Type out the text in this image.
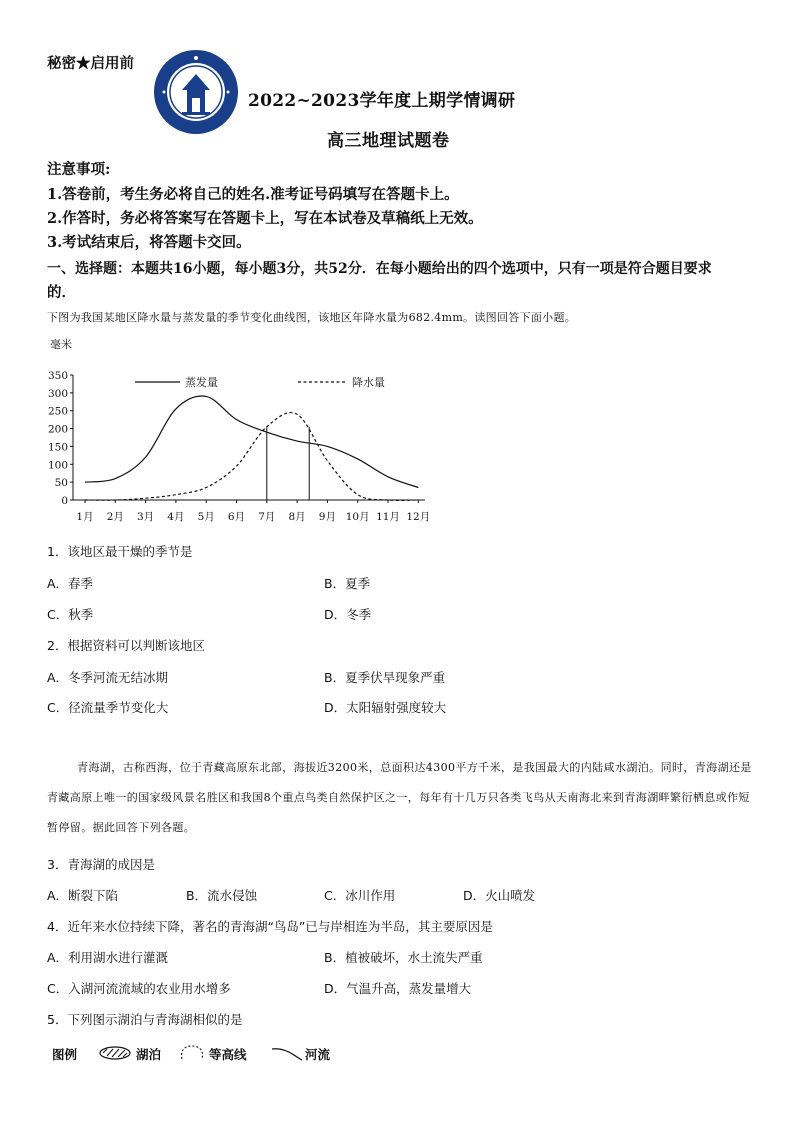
秘密★启用前
2022~2023学年度上期学情调研
高三地理试题卷
注意事项:
1.答卷前，考生务必将自己的姓名.准考证号码填写在答题卡上。
2.作答时，务必将答案写在答题卡上，写在本试卷及草稿纸上无效。
3.考试结束后，将答题卡交回。
一、选择题：本题共16小题，每小题3分，共52分．在每小题给出的四个选项中，只有一项是符合题目要求
的．
下图为我国某地区降水量与蒸发量的季节变化曲线图，该地区年降水量为682.4mm。读图回答下面小题。
毫米
0
50
100
150
200
250
300
350
1月 2月 3月 4月 5月 6月 7月 8月 9月 10月 11月 12月
蒸发量	降水量
1．该地区最干燥的季节是
A．春季	B．夏季
C．秋季	D．冬季
2．根据资料可以判断该地区
A．冬季河流无结冰期	B．夏季伏旱现象严重
C．径流量季节变化大	D．太阳辐射强度较大
青海湖，古称西海，位于青藏高原东北部，海拔近3200米，总面积达4300平方千米，是我国最大的内陆咸水湖泊。同时，青海湖还是青藏高原上唯一的国家级风景名胜区和我国8个重点鸟类自然保护区之一，每年有十几万只各类飞鸟从天南海北来到青海湖畔繁衍栖息或作短暂停留。据此回答下列各题。
3．青海湖的成因是
A．断裂下陷	B．流水侵蚀	C．冰川作用	D．火山喷发
4．近年来水位持续下降，著名的青海湖“鸟岛”已与岸相连为半岛，其主要原因是
A．利用湖水进行灌溉	B．植被破坏，水土流失严重
C．入湖河流流域的农业用水增多	D．气温升高，蒸发量增大
5．下列图示湖泊与青海湖相似的是
图例	湖泊	等高线	河流
